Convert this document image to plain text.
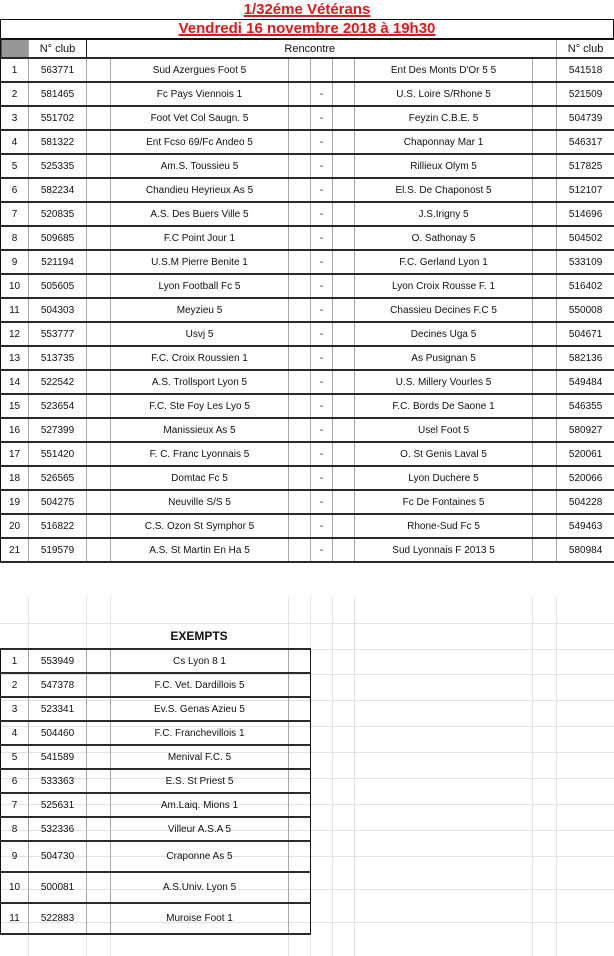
1/32éme Vétérans
Vendredi 16 novembre 2018 à 19h30
	N° club	Rencontre							N° club
1	563771		Sud Azergues Foot 5				Ent Des Monts D'Or 5 5		541518
2	581465		Fc Pays Viennois 1		-		U.S. Loire S/Rhone 5		521509
3	551702		Foot Vet Col Saugn. 5		-		Feyzin C.B.E. 5		504739
4	581322		Ent Fcso 69/Fc Andeo 5		-		Chaponnay Mar 1		546317
5	525335		Am.S. Toussieu 5		-		Rillieux Olym 5		517825
6	582234		Chandieu Heyrieux As 5		-		El.S. De Chaponost 5		512107
7	520835		A.S. Des Buers Ville 5		-		J.S.Irigny 5		514696
8	509685		F.C Point Jour 1		-		O. Sathonay 5		504502
9	521194		U.S.M Pierre Benite 1		-		F.C. Gerland Lyon 1		533109
10	505605		Lyon Football Fc 5		-		Lyon Croix Rousse F. 1		516402
11	504303		Meyzieu 5		-		Chassieu Decines F.C 5		550008
12	553777		Usvj 5		-		Decines Uga 5		504671
13	513735		F.C. Croix Roussien 1		-		As Pusignan 5		582136
14	522542		A.S. Trollsport Lyon 5		-		U.S. Millery Vourles 5		549484
15	523654		F.C. Ste Foy Les Lyo 5		-		F.C. Bords De Saone 1		546355
16	527399		Manissieux As 5		-		Usel Foot 5		580927
17	551420		F. C. Franc Lyonnais 5		-		O. St Genis Laval 5		520061
18	526565		Domtac Fc 5		-		Lyon Duchere 5		520066
19	504275		Neuville S/S 5		-		Fc De Fontaines 5		504228
20	516822		C.S. Ozon St Symphor 5		-		Rhone-Sud Fc 5		549463
21	519579		A.S. St Martin En Ha 5		-		Sud Lyonnais F 2013 5		580984
EXEMPTS
1	553949		Cs Lyon 8 1	
2	547378		F.C. Vet. Dardillois 5	
3	523341		Ev.S. Genas Azieu 5	
4	504460		F.C. Franchevillois 1	
5	541589		Menival F.C. 5	
6	533363		E.S. St Priest 5	
7	525631		Am.Laiq. Mions 1	
8	532336		Villeur A.S.A 5	
9	504730		Craponne As 5	
10	500081		A.S.Univ. Lyon 5	
11	522883		Muroise Foot 1	
